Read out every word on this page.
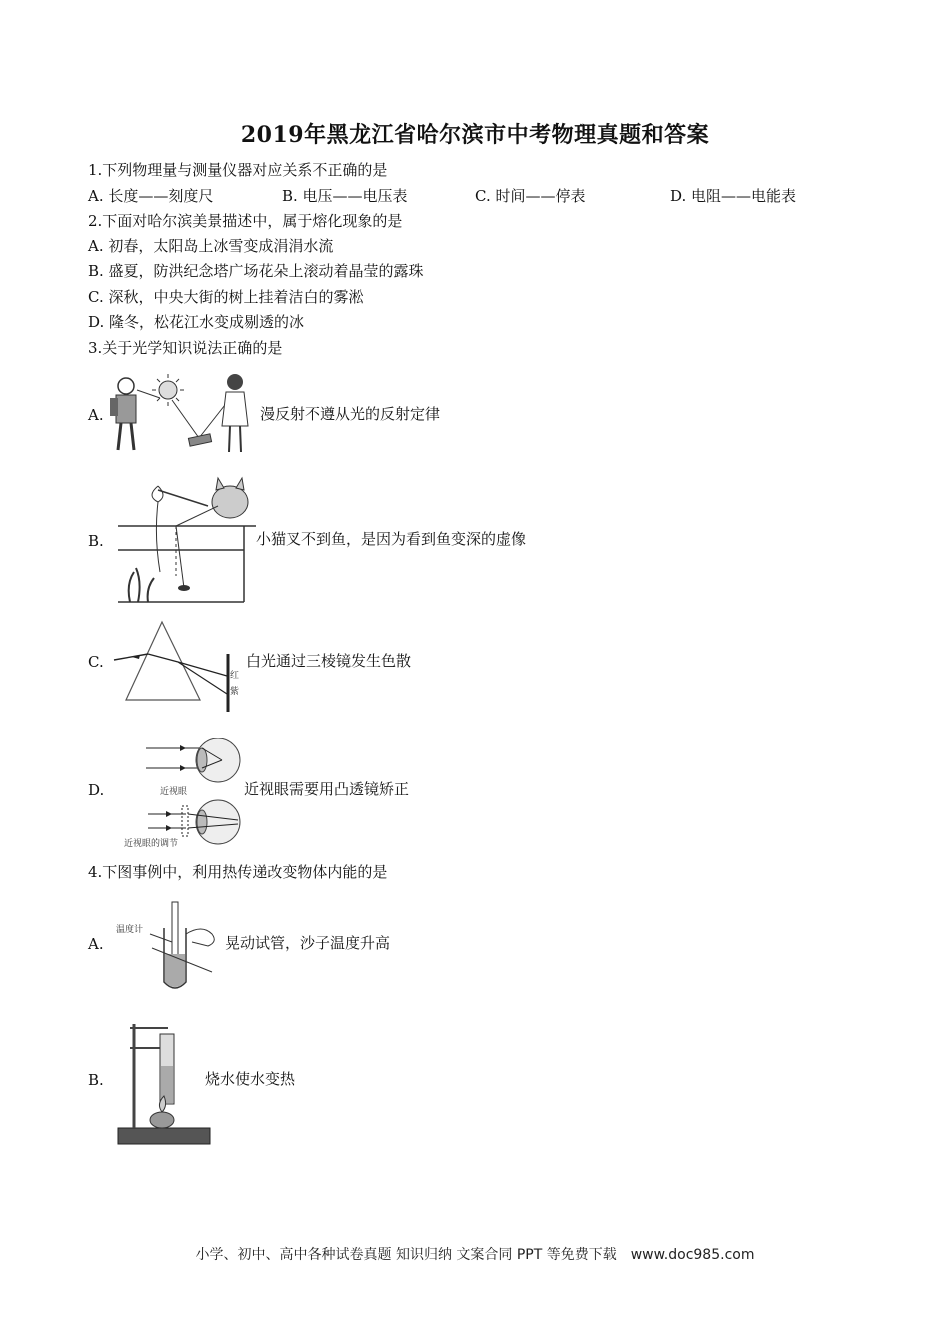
2019年黑龙江省哈尔滨市中考物理真题和答案
1.下列物理量与测量仪器对应关系不正确的是
A. 长度——刻度尺	B. 电压——电压表	C. 时间——停表	D. 电阻——电能表
2.下面对哈尔滨美景描述中，属于熔化现象的是
A. 初春，太阳岛上冰雪变成涓涓水流
B. 盛夏，防洪纪念塔广场花朵上滚动着晶莹的露珠
C. 深秋，中央大街的树上挂着洁白的雾淞
D. 隆冬，松花江水变成剔透的冰
3.关于光学知识说法正确的是
A.	漫反射不遵从光的反射定律
B.	小猫叉不到鱼，是因为看到鱼变深的虚像
C.
红
紫
白光通过三棱镜发生色散
D.	近视眼
近视眼的调节
近视眼需要用凸透镜矫正
4.下图事例中，利用热传递改变物体内能的是
A.
温度计
晃动试管，沙子温度升高
B.	烧水使水变热
小学、初中、高中各种试卷真题 知识归纳 文案合同 PPT 等免费下载　www.doc985.com
